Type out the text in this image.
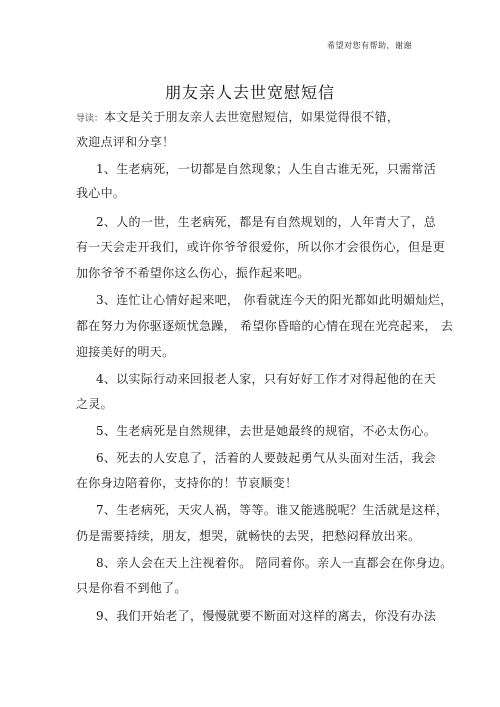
希望对您有帮助，谢谢
朋友亲人去世宽慰短信
导读： 本文是关于朋友亲人去世宽慰短信，如果觉得很不错，
欢迎点评和分享！
1、生老病死，一切都是自然现象；人生自古谁无死，只需常活
我心中。
2、人的一世，生老病死，都是有自然规划的，人年青大了，总
有一天会走开我们，或许你爷爷很爱你，所以你才会很伤心，但是更
加你爷爷不希望你这么伤心，振作起来吧。
3、连忙让心情好起来吧， 你看就连今天的阳光都如此明媚灿烂，
都在努力为你驱逐烦忧急躁， 希望你昏暗的心情在现在光亮起来， 去
迎接美好的明天。
4、以实际行动来回报老人家，只有好好工作才对得起他的在天
之灵。
5、生老病死是自然规律，去世是她最终的规宿，不必太伤心。
6、死去的人安息了，活着的人要鼓起勇气从头面对生活，我会
在你身边陪着你，支持你的！节哀顺变！
7、生老病死，天灾人祸，等等。谁又能逃脱呢？生活就是这样，
仍是需要持续，朋友，想哭，就畅快的去哭，把愁闷释放出来。
8、亲人会在天上注视着你。 陪同着你。亲人一直都会在你身边。
只是你看不到他了。
9、我们开始老了，慢慢就要不断面对这样的离去，你没有办法
